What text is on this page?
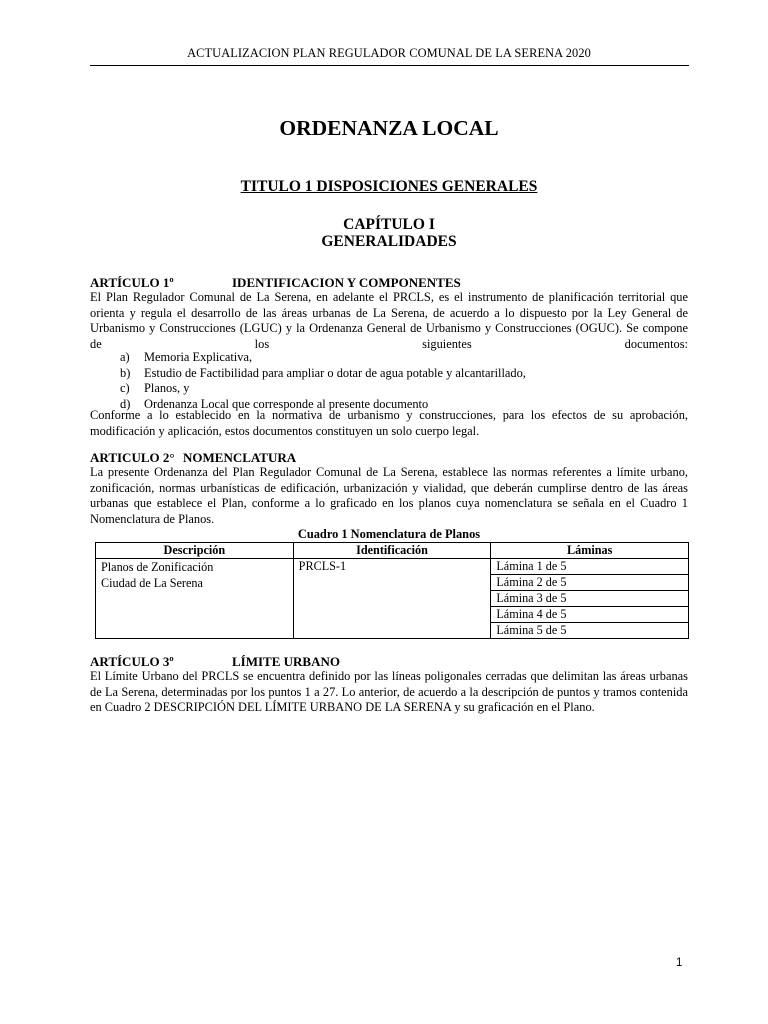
ACTUALIZACION PLAN REGULADOR COMUNAL DE LA SERENA 2020
ORDENANZA LOCAL
TITULO 1 DISPOSICIONES GENERALES
CAPÍTULO I
GENERALIDADES
ARTÍCULO 1º	IDENTIFICACION Y COMPONENTES
El Plan Regulador Comunal de La Serena, en adelante el PRCLS, es el instrumento de planificación territorial que orienta y regula el desarrollo de las áreas urbanas de La Serena, de acuerdo a lo dispuesto por la Ley General de Urbanismo y Construcciones (LGUC) y la Ordenanza General de Urbanismo y Construcciones (OGUC). Se compone de los siguientes documentos:
a) Memoria Explicativa,
b) Estudio de Factibilidad para ampliar o dotar de agua potable y alcantarillado,
c) Planos, y
d) Ordenanza Local que corresponde al presente documento
Conforme a lo establecido en la normativa de urbanismo y construcciones, para los efectos de su aprobación, modificación y aplicación, estos documentos constituyen un solo cuerpo legal.
ARTICULO 2° NOMENCLATURA
La presente Ordenanza del Plan Regulador Comunal de La Serena, establece las normas referentes a límite urbano, zonificación, normas urbanísticas de edificación, urbanización y vialidad, que deberán cumplirse dentro de las áreas urbanas que establece el Plan, conforme a lo graficado en los planos cuya nomenclatura se señala en el Cuadro 1 Nomenclatura de Planos.
Cuadro 1 Nomenclatura de Planos
Descripción	Identificación	Láminas

Planos de Zonificación
Ciudad de La Serena	PRCLS-1	Lámina 1 de 5
		Lámina 2 de 5
		Lámina 3 de 5
		Lámina 4 de 5
		Lámina 5 de 5
ARTÍCULO 3º	LÍMITE URBANO
El Límite Urbano del PRCLS se encuentra definido por las líneas poligonales cerradas que delimitan las áreas urbanas de La Serena, determinadas por los puntos 1 a 27. Lo anterior, de acuerdo a la descripción de puntos y tramos contenida en Cuadro 2 DESCRIPCIÓN DEL LÍMITE URBANO DE LA SERENA y su graficación en el Plano.
1
